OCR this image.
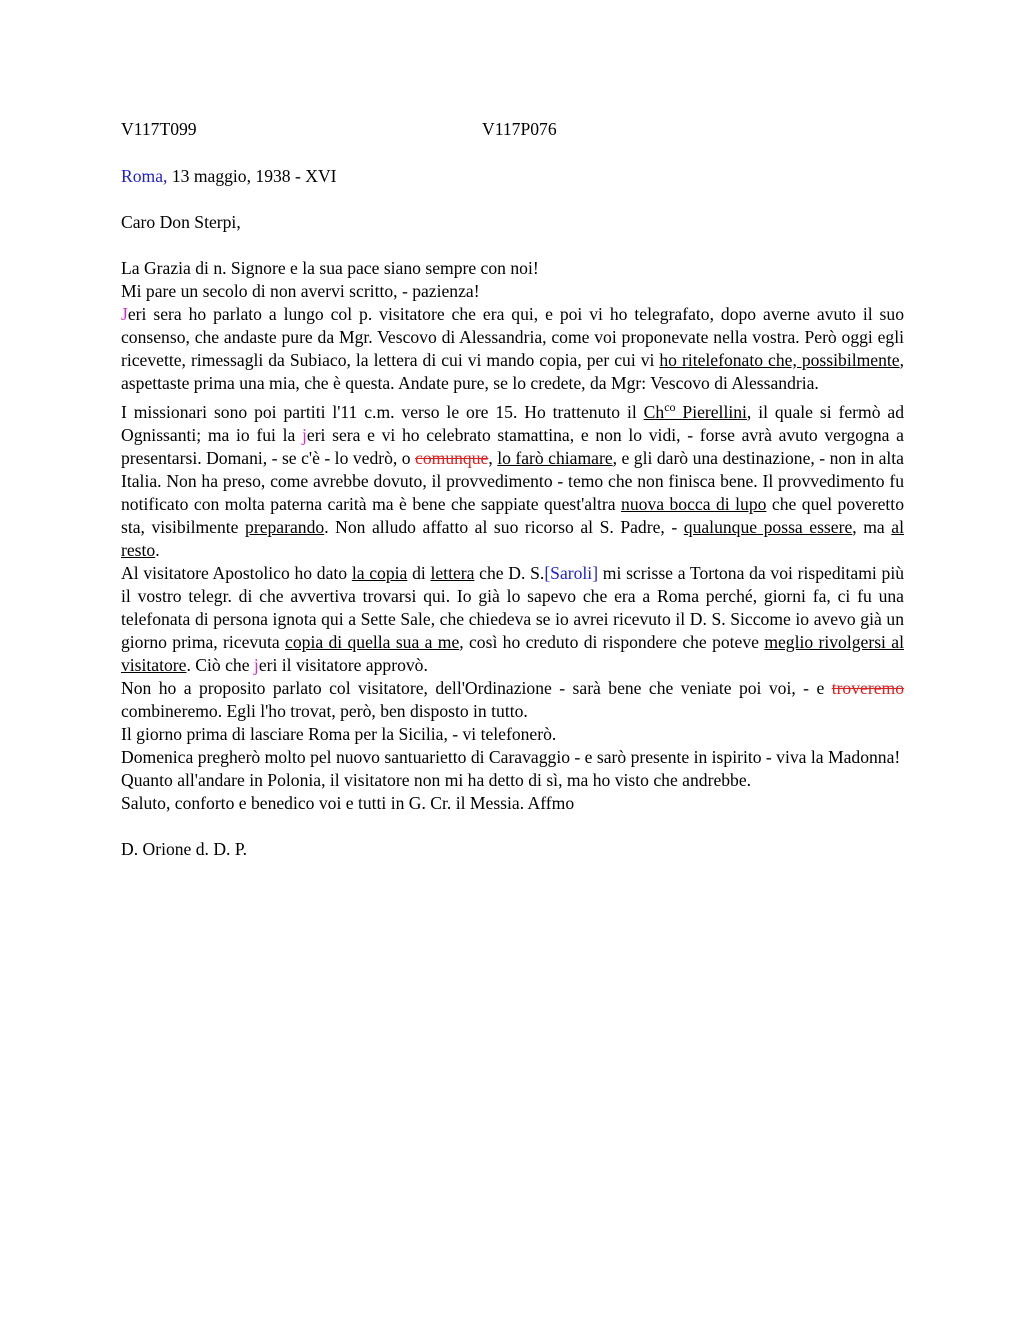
V117T099	V117P076

Roma, 13 maggio, 1938 - XVI

Caro Don Sterpi,

La Grazia di n. Signore e la sua pace siano sempre con noi!

Mi pare un secolo di non avervi scritto, - pazienza!

Jeri sera ho parlato a lungo col p. visitatore che era qui, e poi vi ho telegrafato, dopo averne avuto il suo consenso, che andaste pure da Mgr. Vescovo di Alessandria, come voi proponevate nella vostra. Però oggi egli ricevette, rimessagli da Subiaco, la lettera di cui vi mando copia, per cui vi ho ritelefonato che, possibilmente, aspettaste prima una mia, che è questa. Andate pure, se lo credete, da Mgr: Vescovo di Alessandria.

I missionari sono poi partiti l'11 c.m. verso le ore 15. Ho trattenuto il $Ch^{co}$ Pierellini, il quale si fermò ad Ognissanti; ma io fui la jeri sera e vi ho celebrato stamattina, e non lo vidi, - forse avrà avuto vergogna a presentarsi. Domani, - se c'è - lo vedrò, o comunque, lo farò chiamare, e gli darò una destinazione, - non in alta Italia. Non ha preso, come avrebbe dovuto, il provvedimento - temo che non finisca bene. Il provvedimento fu notificato con molta paterna carità ma è bene che sappiate quest'altra nuova bocca di lupo che quel poveretto sta, visibilmente preparando. Non alludo affatto al suo ricorso al S. Padre, - qualunque possa essere, ma al resto.

Al visitatore Apostolico ho dato la copia di lettera che D. S.[Saroli] mi scrisse a Tortona da voi rispeditami più il vostro telegr. di che avvertiva trovarsi qui. Io già lo sapevo che era a Roma perché, giorni fa, ci fu una telefonata di persona ignota qui a Sette Sale, che chiedeva se io avrei ricevuto il D. S. Siccome io avevo già un giorno prima, ricevuta copia di quella sua a me, così ho creduto di rispondere che poteve meglio rivolgersi al visitatore. Ciò che jeri il visitatore approvò.

Non ho a proposito parlato col visitatore, dell'Ordinazione - sarà bene che veniate poi voi, - e troveremo combineremo. Egli l'ho trovat, però, ben disposto in tutto.

Il giorno prima di lasciare Roma per la Sicilia, - vi telefonerò.

Domenica pregherò molto pel nuovo santuarietto di Caravaggio - e sarò presente in ispirito - viva la Madonna!

Quanto all'andare in Polonia, il visitatore non mi ha detto di sì, ma ho visto che andrebbe.

Saluto, conforto e benedico voi e tutti in G. Cr. il Messia. Affmo

D. Orione d. D. P.
